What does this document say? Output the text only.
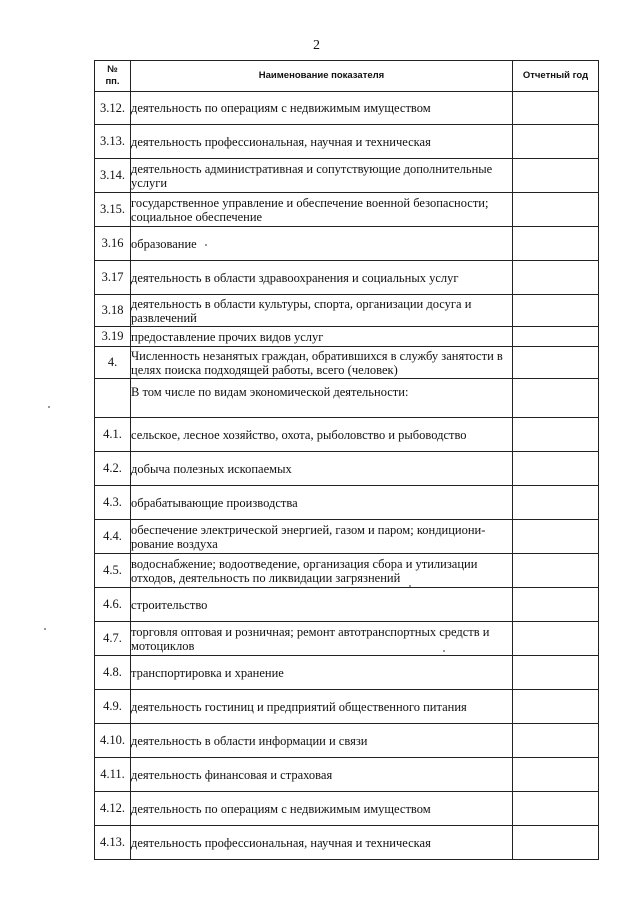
2
№
пп.	Наименование показателя	Отчетный год
3.12.	деятельность по операциям с недвижимым имуществом	
3.13.	деятельность профессиональная, научная и техническая	
3.14.	деятельность административная и сопутствующие дополнительные услуги	
3.15.	государственное управление и обеспечение военной безопасности; социальное обеспечение	
3.16	образование	
3.17	деятельность в области здравоохранения и социальных услуг	
3.18	деятельность в области культуры, спорта, организации досуга и развлечений	
3.19	предоставление прочих видов услуг	
4.	Численность незанятых граждан, обратившихся в службу занятости в целях поиска подходящей работы, всего (человек)	
	В том числе по видам экономической деятельности:	
4.1.	сельское, лесное хозяйство, охота, рыболовство и рыбоводство	
4.2.	добыча полезных ископаемых	
4.3.	обрабатывающие производства	
4.4.	обеспечение электрической энергией, газом и паром; кондициони-рование воздуха	
4.5.	водоснабжение; водоотведение, организация сбора и утилизации отходов, деятельность по ликвидации загрязнений	
4.6.	строительство	
4.7.	торговля оптовая и розничная; ремонт автотранспортных средств и мотоциклов	
4.8.	транспортировка и хранение	
4.9.	деятельность гостиниц и предприятий общественного питания	
4.10.	деятельность в области информации и связи	
4.11.	деятельность финансовая и страховая	
4.12.	деятельность по операциям с недвижимым имуществом	
4.13.	деятельность профессиональная, научная и техническая	
